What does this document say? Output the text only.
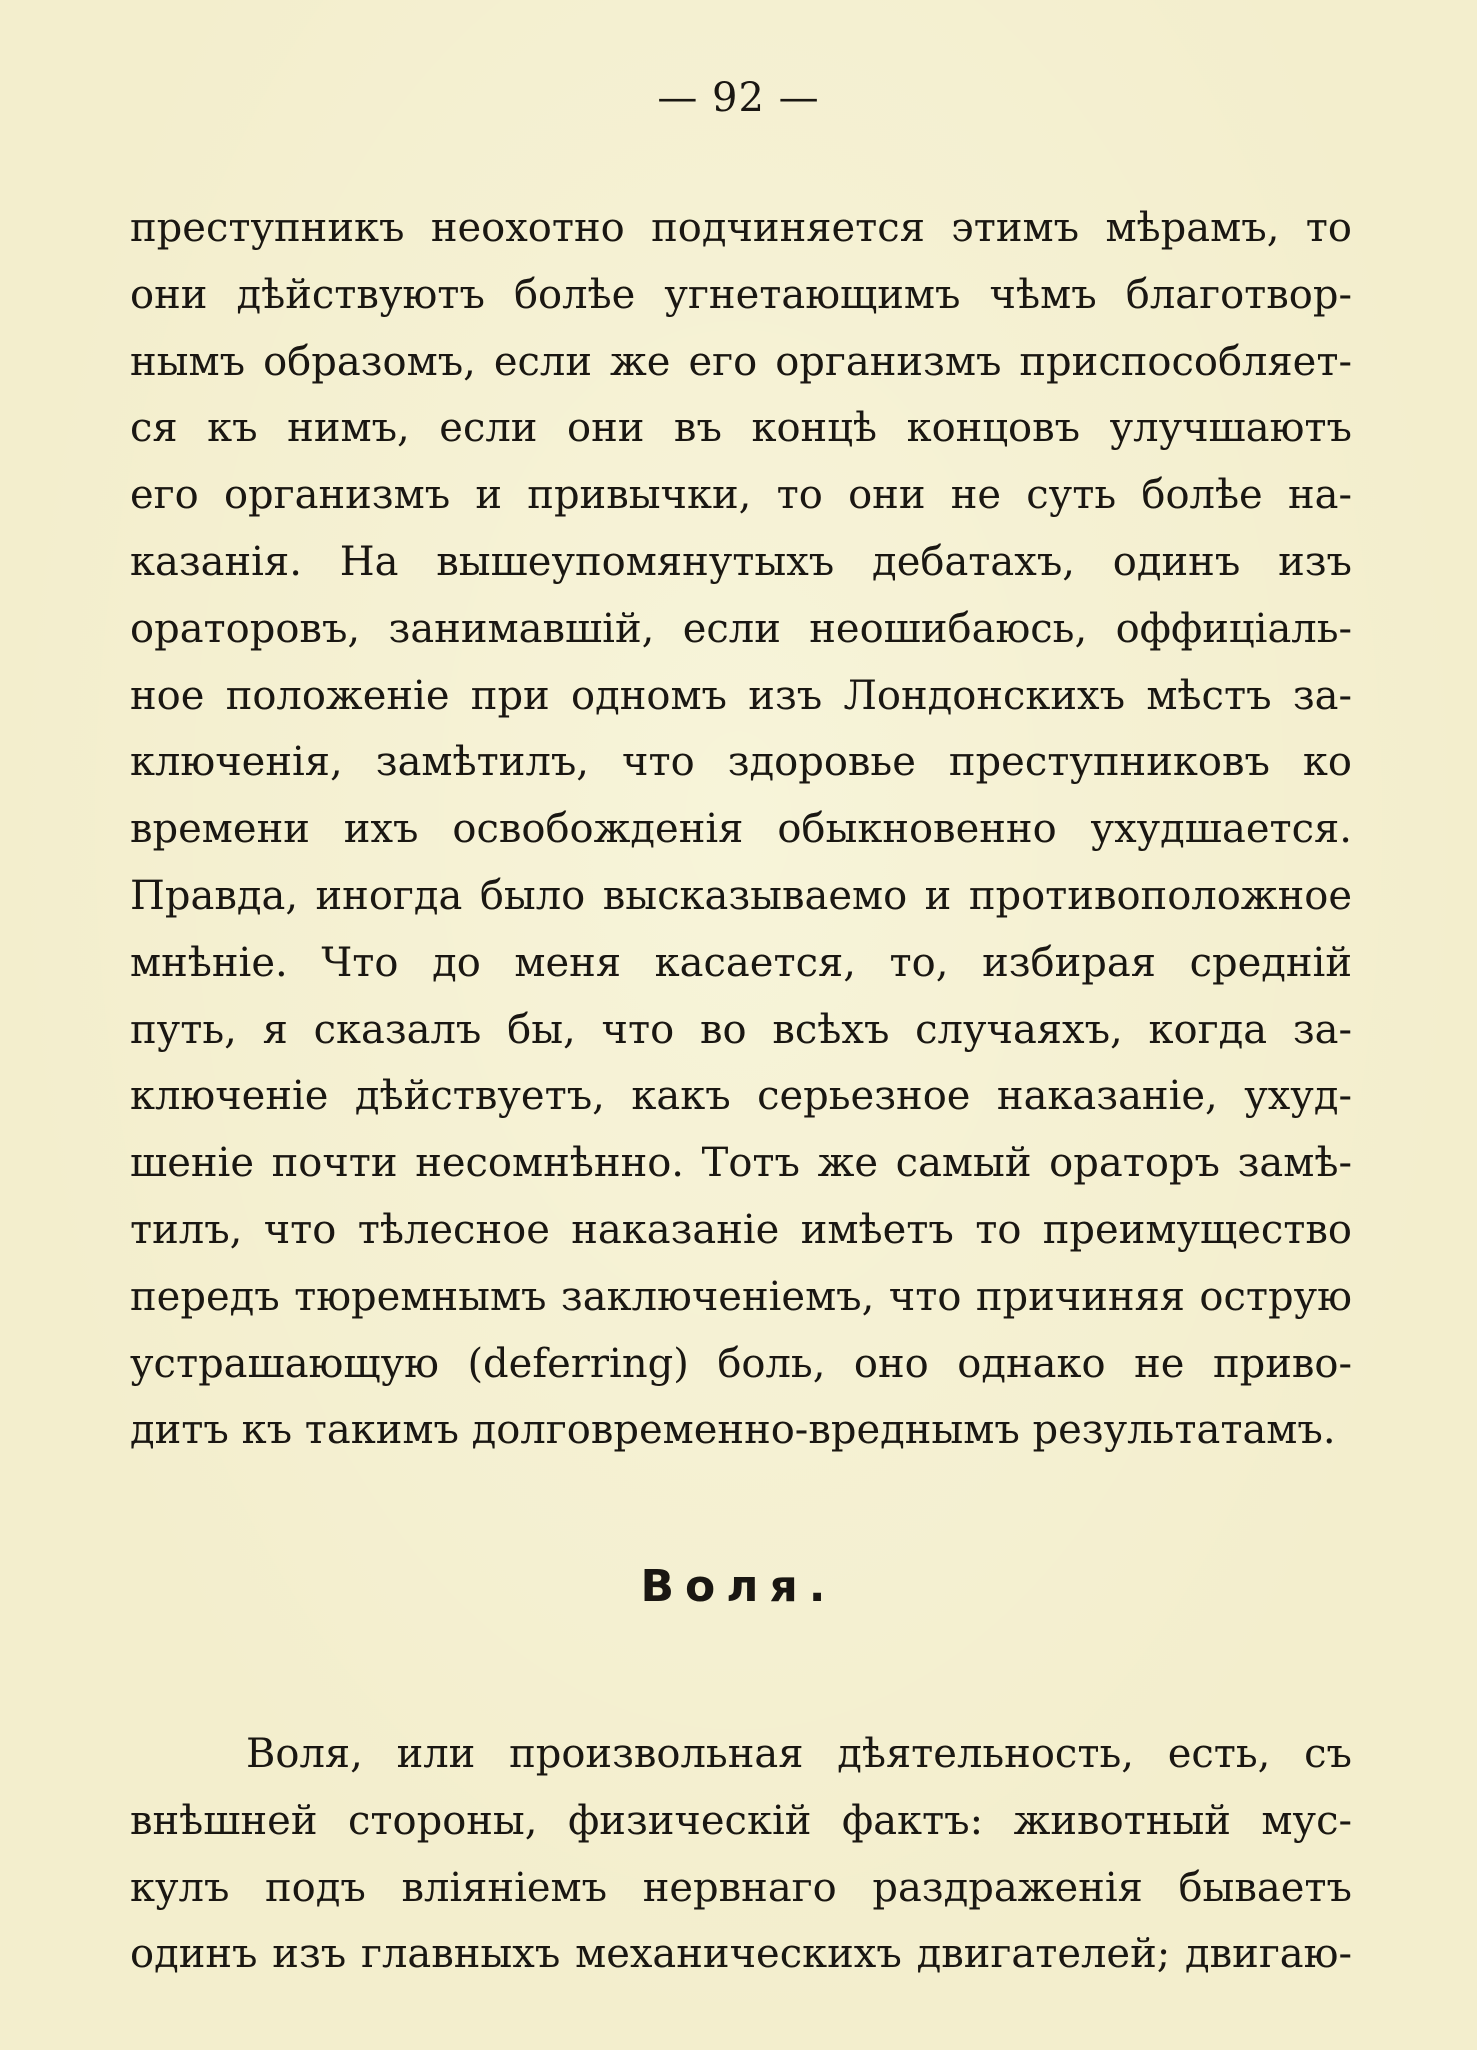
— 92 —
преступникъ неохотно подчиняется этимъ мѣрамъ, то
они дѣйствуютъ болѣе угнетающимъ чѣмъ благотвор-
нымъ образомъ, если же его организмъ приспособляет-
ся къ нимъ, если они въ концѣ концовъ улучшаютъ
его организмъ и привычки, то они не суть болѣе на-
казанія. На вышеупомянутыхъ дебатахъ, одинъ изъ
ораторовъ, занимавшій, если неошибаюсь, оффиціаль-
ное положеніе при одномъ изъ Лондонскихъ мѣстъ за-
ключенія, замѣтилъ, что здоровье преступниковъ ко
времени ихъ освобожденія обыкновенно ухудшается.
Правда, иногда было высказываемо и противоположное
мнѣніе. Что до меня касается, то, избирая средній
путь, я сказалъ бы, что во всѣхъ случаяхъ, когда за-
ключеніе дѣйствуетъ, какъ серьезное наказаніе, ухуд-
шеніе почти несомнѣнно. Тотъ же самый ораторъ замѣ-
тилъ, что тѣлесное наказаніе имѣетъ то преимущество
передъ тюремнымъ заключеніемъ, что причиняя острую
устрашающую (deferring) боль, оно однако не приво-
дитъ къ такимъ долговременно-вреднымъ результатамъ.
Воля.
Воля, или произвольная дѣятельность, есть, съ
внѣшней стороны, физическій фактъ: животный мус-
кулъ подъ вліяніемъ нервнаго раздраженія бываетъ
одинъ изъ главныхъ механическихъ двигателей; двигаю-
